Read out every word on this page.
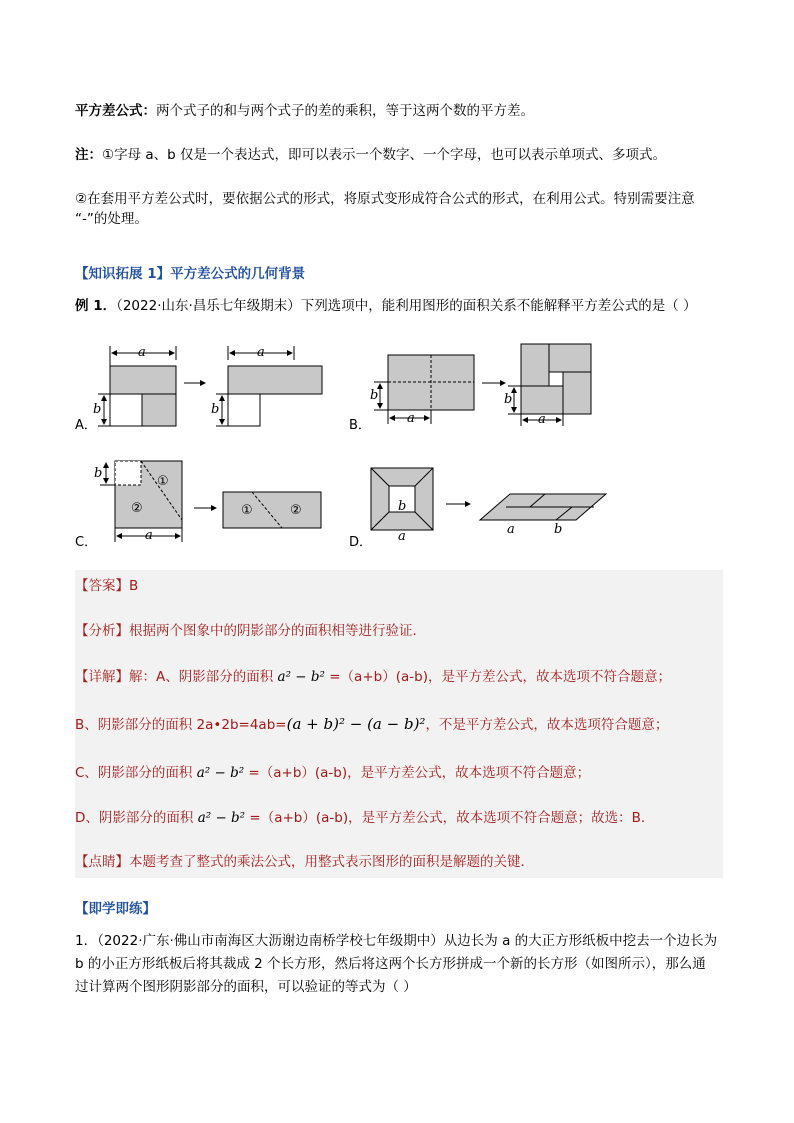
平方差公式：两个式子的和与两个式子的差的乘积，等于这两个数的平方差。
注：①字母 a、b 仅是一个表达式，即可以表示一个数字、一个字母，也可以表示单项式、多项式。
②在套用平方差公式时，要依据公式的形式，将原式变形成符合公式的形式，在利用公式。特别需要注意
“-”的处理。
【知识拓展 1】平方差公式的几何背景
例 1．（2022·山东·昌乐七年级期末）下列选项中，能利用图形的面积关系不能解释平方差公式的是（ ）
A．	B．
C．	D．
a
b
a
b
b
a
b
a
b
a
①
②	①	②	b
a	a	b
【答案】B
【分析】根据两个图象中的阴影部分的面积相等进行验证．
【详解】解：A、阴影部分的面积 a² − b² =（a+b）(a-b)，是平方差公式，故本选项不符合题意；
B、阴影部分的面积 2a•2b=4ab=(a + b)² − (a − b)²，不是平方差公式，故本选项符合题意；
C、阴影部分的面积 a² − b² =（a+b）(a-b)，是平方差公式，故本选项不符合题意；
D、阴影部分的面积 a² − b² =（a+b）(a-b)，是平方差公式，故本选项不符合题意；故选：B.
【点睛】本题考查了整式的乘法公式，用整式表示图形的面积是解题的关键．
【即学即练】
1．（2022·广东·佛山市南海区大沥谢边南桥学校七年级期中）从边长为 a 的大正方形纸板中挖去一个边长为
b 的小正方形纸板后将其裁成 2 个长方形，然后将这两个长方形拼成一个新的长方形（如图所示），那么通
过计算两个图形阴影部分的面积，可以验证的等式为（ ）
